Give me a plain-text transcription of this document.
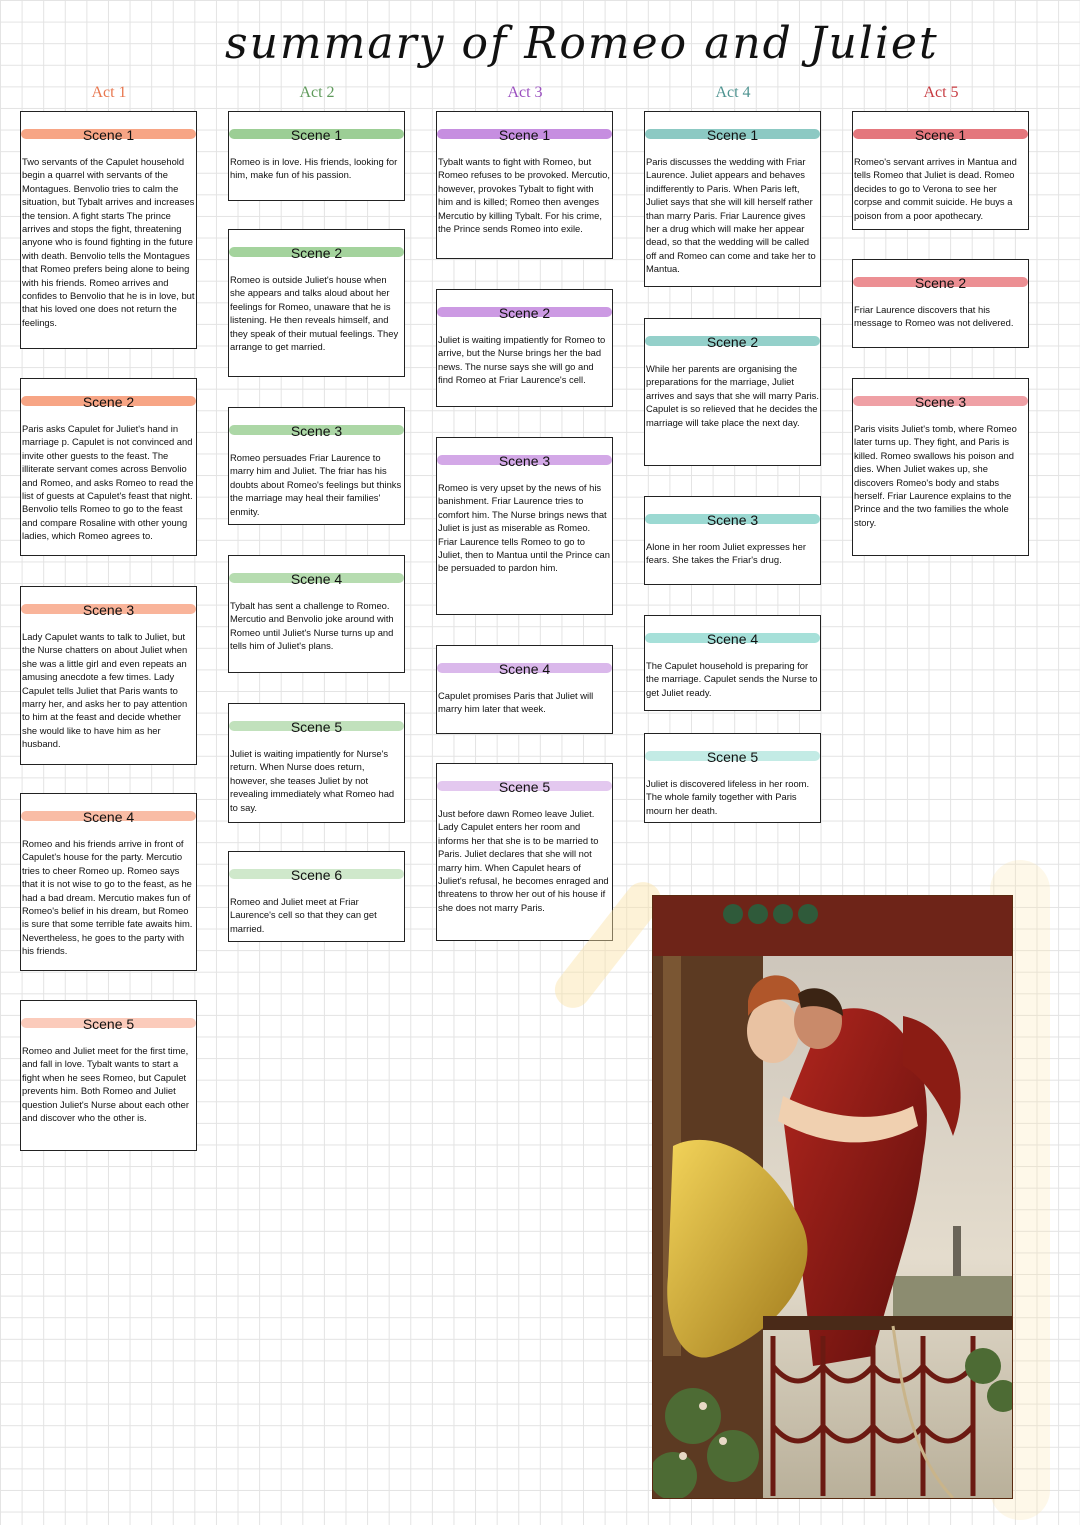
summary of Romeo and Juliet
Act 1	Act 2	Act 3	Act 4	Act 5
Scene 1

Two servants of the Capulet household begin a quarrel with servants of the Montagues. Benvolio tries to calm the situation, but Tybalt arrives and increases the tension. A fight starts The prince arrives and stops the fight, threatening anyone who is found fighting in the future with death. Benvolio tells the Montagues that Romeo prefers being alone to being with his friends. Romeo arrives and confides to Benvolio that he is in love, but that his loved one does not return the feelings.

Scene 2

Paris asks Capulet for Juliet's hand in marriage p. Capulet is not convinced and invite other guests to the feast. The illiterate servant comes across Benvolio and Romeo, and asks Romeo to read the list of guests at Capulet's feast that night. Benvolio tells Romeo to go to the feast and compare Rosaline with other young ladies, which Romeo agrees to.

Scene 3

Lady Capulet wants to talk to Juliet, but the Nurse chatters on about Juliet when she was a little girl and even repeats an amusing anecdote a few times. Lady Capulet tells Juliet that Paris wants to marry her, and asks her to pay attention to him at the feast and decide whether she would like to have him as her husband.

Scene 4

Romeo and his friends arrive in front of Capulet's house for the party. Mercutio tries to cheer Romeo up. Romeo says that it is not wise to go to the feast, as he had a bad dream. Mercutio makes fun of Romeo's belief in his dream, but Romeo is sure that some terrible fate awaits him. Nevertheless, he goes to the party with his friends.

Scene 5

Romeo and Juliet meet for the first time, and fall in love. Tybalt wants to start a fight when he sees Romeo, but Capulet prevents him. Both Romeo and Juliet question Juliet's Nurse about each other and discover who the other is.

Scene 1

Romeo is in love. His friends, looking for him, make fun of his passion.

Scene 2

Romeo is outside Juliet's house when she appears and talks aloud about her feelings for Romeo, unaware that he is listening. He then reveals himself, and they speak of their mutual feelings. They arrange to get married.

Scene 3

Romeo persuades Friar Laurence to marry him and Juliet. The friar has his doubts about Romeo's feelings but thinks the marriage may heal their families' enmity.

Scene 4

Tybalt has sent a challenge to Romeo. Mercutio and Benvolio joke around with Romeo until Juliet's Nurse turns up and tells him of Juliet's plans.

Scene 5

Juliet is waiting impatiently for Nurse's return. When Nurse does return, however, she teases Juliet by not revealing immediately what Romeo had to say.

Scene 6

Romeo and Juliet meet at Friar Laurence's cell so that they can get married.

Scene 1

Tybalt wants to fight with Romeo, but Romeo refuses to be provoked. Mercutio, however, provokes Tybalt to fight with him and is killed; Romeo then avenges Mercutio by killing Tybalt. For his crime, the Prince sends Romeo into exile.

Scene 2

Juliet is waiting impatiently for Romeo to arrive, but the Nurse brings her the bad news. The nurse says she will go and find Romeo at Friar Laurence's cell.

Scene 3

Romeo is very upset by the news of his banishment. Friar Laurence tries to comfort him. The Nurse brings news that Juliet is just as miserable as Romeo. Friar Laurence tells Romeo to go to Juliet, then to Mantua until the Prince can be persuaded to pardon him.

Scene 4

Capulet promises Paris that Juliet will marry him later that week.

Scene 5

Just before dawn Romeo leave Juliet. Lady Capulet enters her room and informs her that she is to be married to Paris. Juliet declares that she will not marry him. When Capulet hears of Juliet's refusal, he becomes enraged and threatens to throw her out of his house if she does not marry Paris.

Scene 1

Paris discusses the wedding with Friar Laurence. Juliet appears and behaves indifferently to Paris. When Paris left, Juliet says that she will kill herself rather than marry Paris. Friar Laurence gives her a drug which will make her appear dead, so that the wedding will be called off and Romeo can come and take her to Mantua.

Scene 2

While her parents are organising the preparations for the marriage, Juliet arrives and says that she will marry Paris. Capulet is so relieved that he decides the marriage will take place the next day.

Scene 3

Alone in her room Juliet expresses her fears. She takes the Friar's drug.

Scene 4

The Capulet household is preparing for the marriage. Capulet sends the Nurse to get Juliet ready.

Scene 5

Juliet is discovered lifeless in her room. The whole family together with Paris mourn her death.

Scene 1

Romeo's servant arrives in Mantua and tells Romeo that Juliet is dead. Romeo decides to go to Verona to see her corpse and commit suicide. He buys a poison from a poor apothecary.

Scene 2

Friar Laurence discovers that his message to Romeo was not delivered.

Scene 3

Paris visits Juliet's tomb, where Romeo later turns up. They fight, and Paris is killed. Romeo swallows his poison and dies. When Juliet wakes up, she discovers Romeo's body and stabs herself. Friar Laurence explains to the Prince and the two families the whole story.
